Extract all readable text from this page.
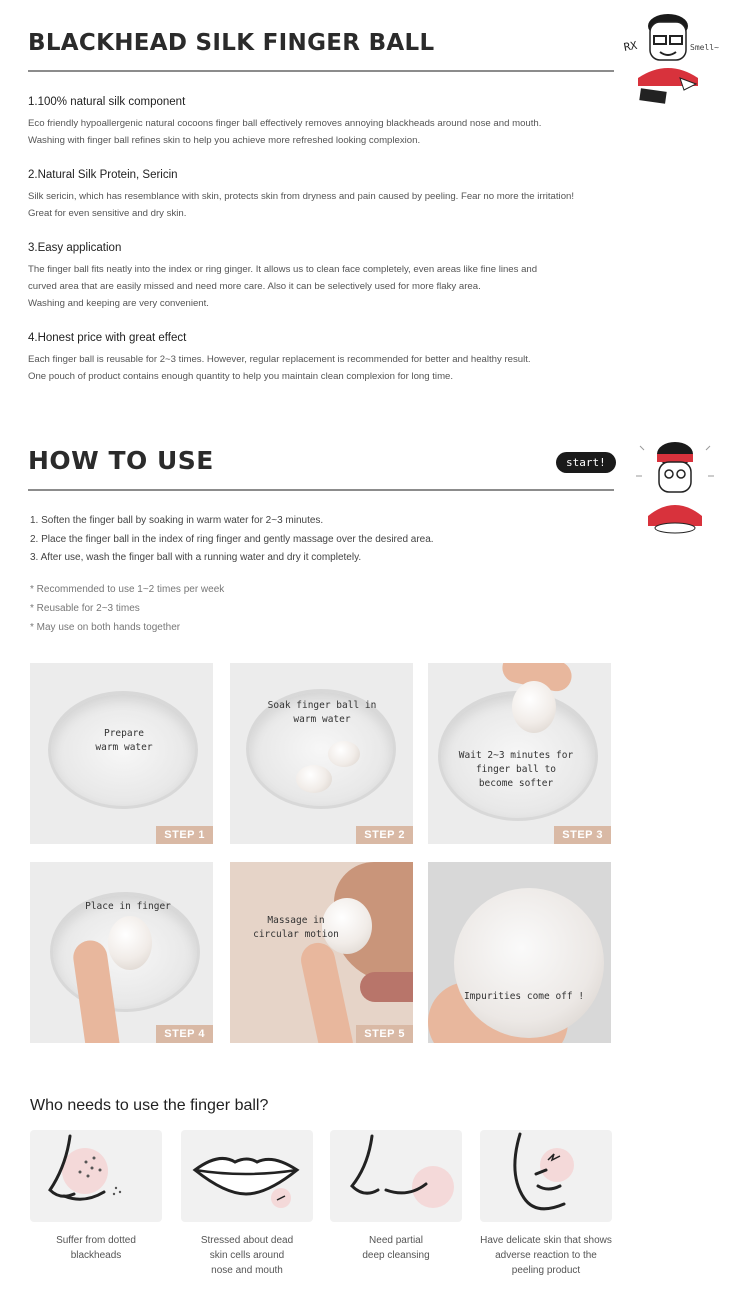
BLACKHEAD SILK FINGER BALL	RX	Smell~
1.100% natural silk component

Eco friendly hypoallergenic natural cocoons finger ball effectively removes annoying blackheads around nose and mouth.
Washing with finger ball refines skin to help you achieve more refreshed looking complexion.

2.Natural Silk Protein, Sericin

Silk sericin, which has resemblance with skin, protects skin from dryness and pain caused by peeling. Fear no more the irritation!
Great for even sensitive and dry skin.

3.Easy application

The finger ball fits neatly into the index or ring ginger. It allows us to clean face completely, even areas like fine lines and
curved area that are easily missed and need more care. Also it can be selectively used for more flaky area.
Washing and keeping are very convenient.

4.Honest price with great effect

Each finger ball is reusable for 2~3 times. However, regular replacement is recommended for better and healthy result.
One pouch of product contains enough quantity to help you maintain clean complexion for long time.

HOW TO USE	start!
1. Soften the finger ball by soaking in warm water for 2~3 minutes.
2. Place the finger ball in the index of ring finger and gently massage over the desired area.
3. After use, wash the finger ball with a running water and dry it completely.
* Recommended to use 1~2 times per week
* Reusable for 2~3 times
* May use on both hands together
Prepare
warm water
STEP 1
Soak finger ball in
warm water
STEP 2
Wait 2~3 minutes for
finger ball to
become softer
STEP 3
Place in finger
STEP 4
Massage in
circular motion
STEP 5
Impurities come off !
Who needs to use the finger ball?
Suffer from dotted
blackheads
Stressed about dead
skin cells around
nose and mouth
Need partial
deep cleansing
Have delicate skin that shows
adverse reaction to the
peeling product
